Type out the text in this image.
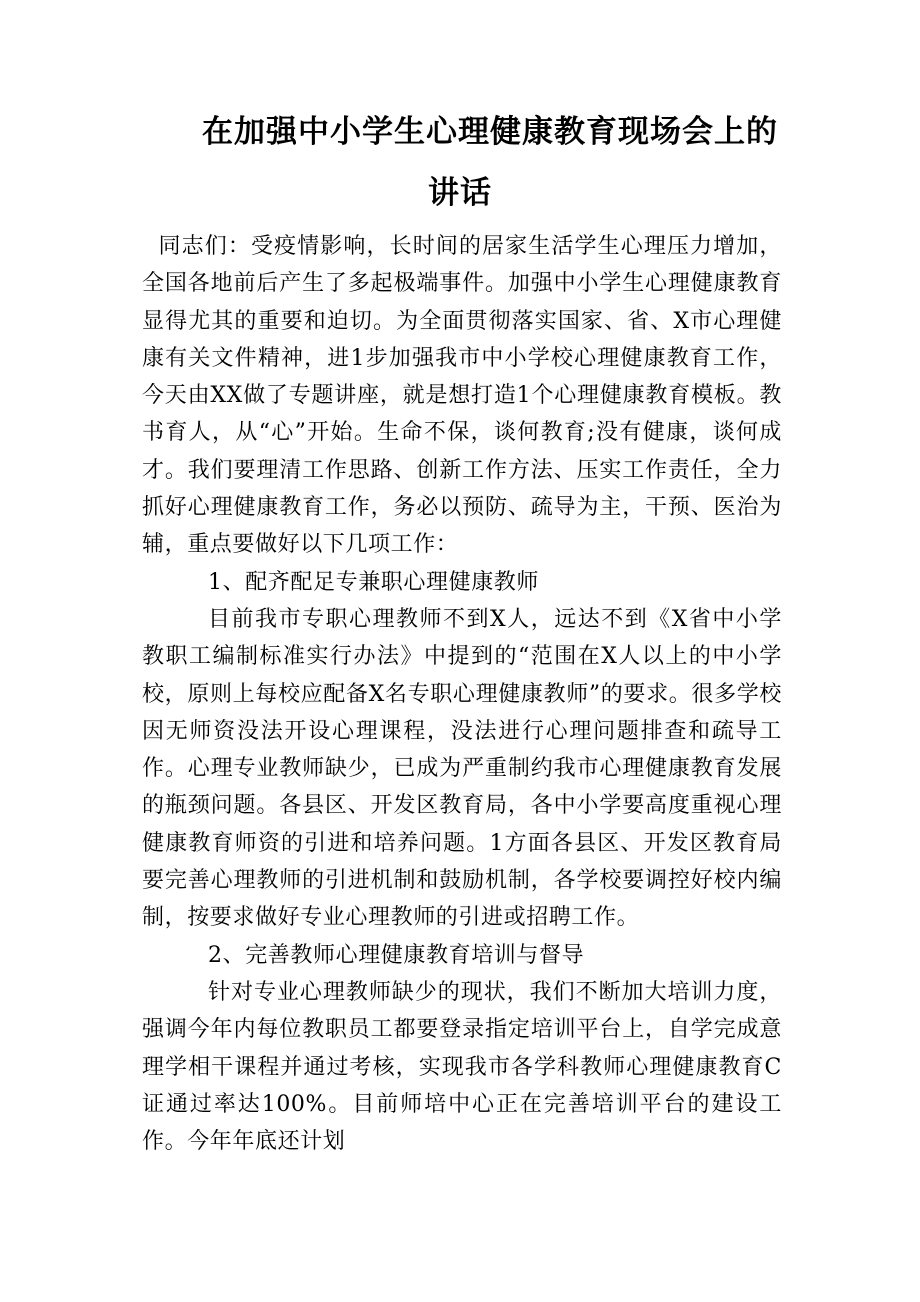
在加强中小学生心理健康教育现场会上的
讲话

同志们：受疫情影响，长时间的居家生活学生心理压力增加，全国各地前后产生了多起极端事件。加强中小学生心理健康教育显得尤其的重要和迫切。为全面贯彻落实国家、省、X市心理健康有关文件精神，进1步加强我市中小学校心理健康教育工作，今天由XX做了专题讲座，就是想打造1个心理健康教育模板。教书育人，从“心”开始。生命不保，谈何教育;没有健康，谈何成才。我们要理清工作思路、创新工作方法、压实工作责任，全力抓好心理健康教育工作，务必以预防、疏导为主，干预、医治为辅，重点要做好以下几项工作：

1、配齐配足专兼职心理健康教师

目前我市专职心理教师不到X人，远达不到《X省中小学教职工编制标准实行办法》中提到的“范围在X人以上的中小学校，原则上每校应配备X名专职心理健康教师”的要求。很多学校因无师资没法开设心理课程，没法进行心理问题排查和疏导工作。心理专业教师缺少，已成为严重制约我市心理健康教育发展的瓶颈问题。各县区、开发区教育局，各中小学要高度重视心理健康教育师资的引进和培养问题。1方面各县区、开发区教育局要完善心理教师的引进机制和鼓励机制，各学校要调控好校内编制，按要求做好专业心理教师的引进或招聘工作。

2、完善教师心理健康教育培训与督导

针对专业心理教师缺少的现状，我们不断加大培训力度，强调今年内每位教职员工都要登录指定培训平台上，自学完成意理学相干课程并通过考核，实现我市各学科教师心理健康教育C证通过率达100%。目前师培中心正在完善培训平台的建设工作。今年年底还计划
